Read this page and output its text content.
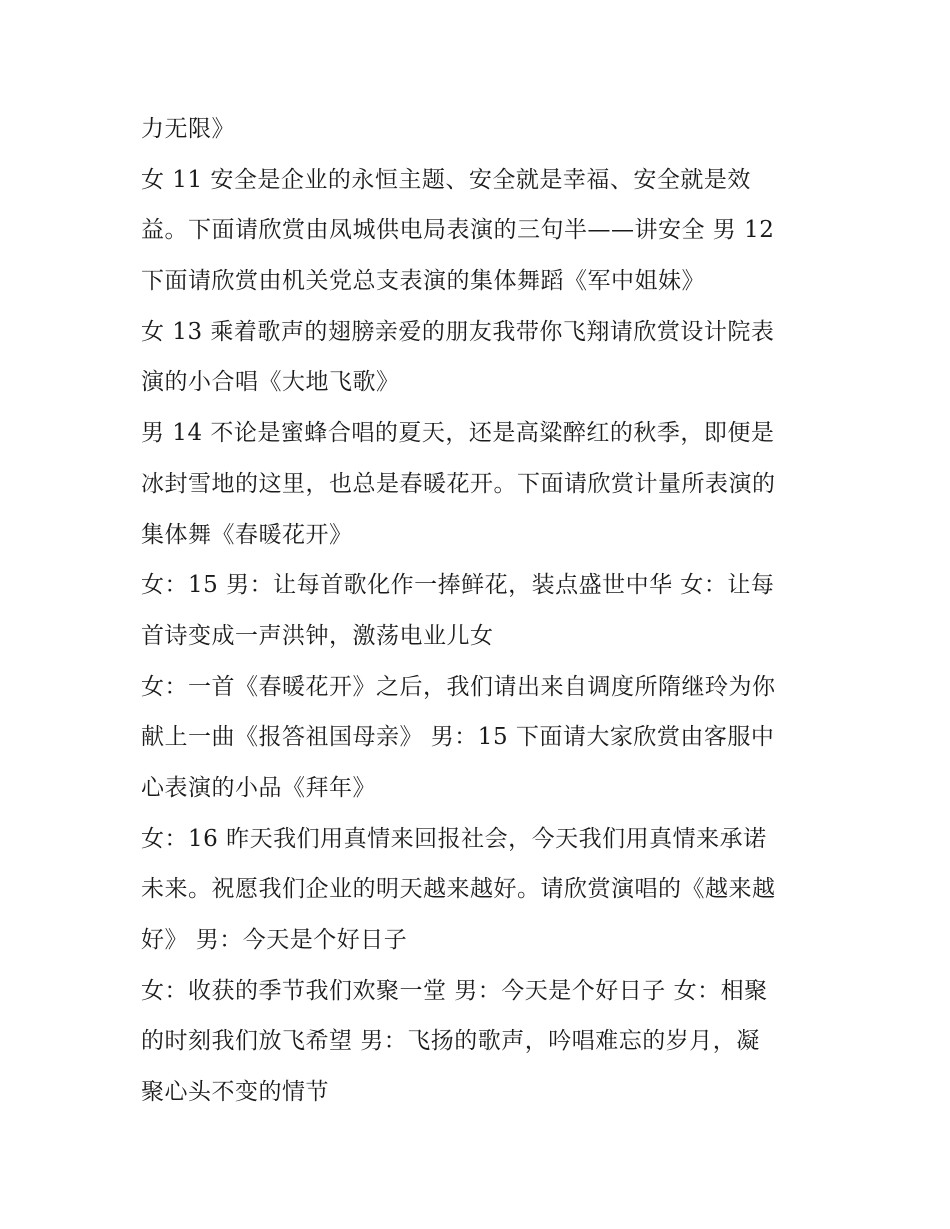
力无限》
女 11 安全是企业的永恒主题、安全就是幸福、安全就是效
益。下面请欣赏由凤城供电局表演的三句半——讲安全 男 12
下面请欣赏由机关党总支表演的集体舞蹈《军中姐妹》
女 13 乘着歌声的翅膀亲爱的朋友我带你飞翔请欣赏设计院表
演的小合唱《大地飞歌》
男 14 不论是蜜蜂合唱的夏天，还是高粱醉红的秋季，即便是
冰封雪地的这里，也总是春暖花开。下面请欣赏计量所表演的
集体舞《春暖花开》
女：15 男：让每首歌化作一捧鲜花，装点盛世中华 女：让每
首诗变成一声洪钟，激荡电业儿女
女：一首《春暖花开》之后，我们请出来自调度所隋继玲为你
献上一曲《报答祖国母亲》 男：15 下面请大家欣赏由客服中
心表演的小品《拜年》
女：16 昨天我们用真情来回报社会，今天我们用真情来承诺
未来。祝愿我们企业的明天越来越好。请欣赏演唱的《越来越
好》 男：今天是个好日子
女：收获的季节我们欢聚一堂 男：今天是个好日子 女：相聚
的时刻我们放飞希望 男：飞扬的歌声，吟唱难忘的岁月，凝
聚心头不变的情节
